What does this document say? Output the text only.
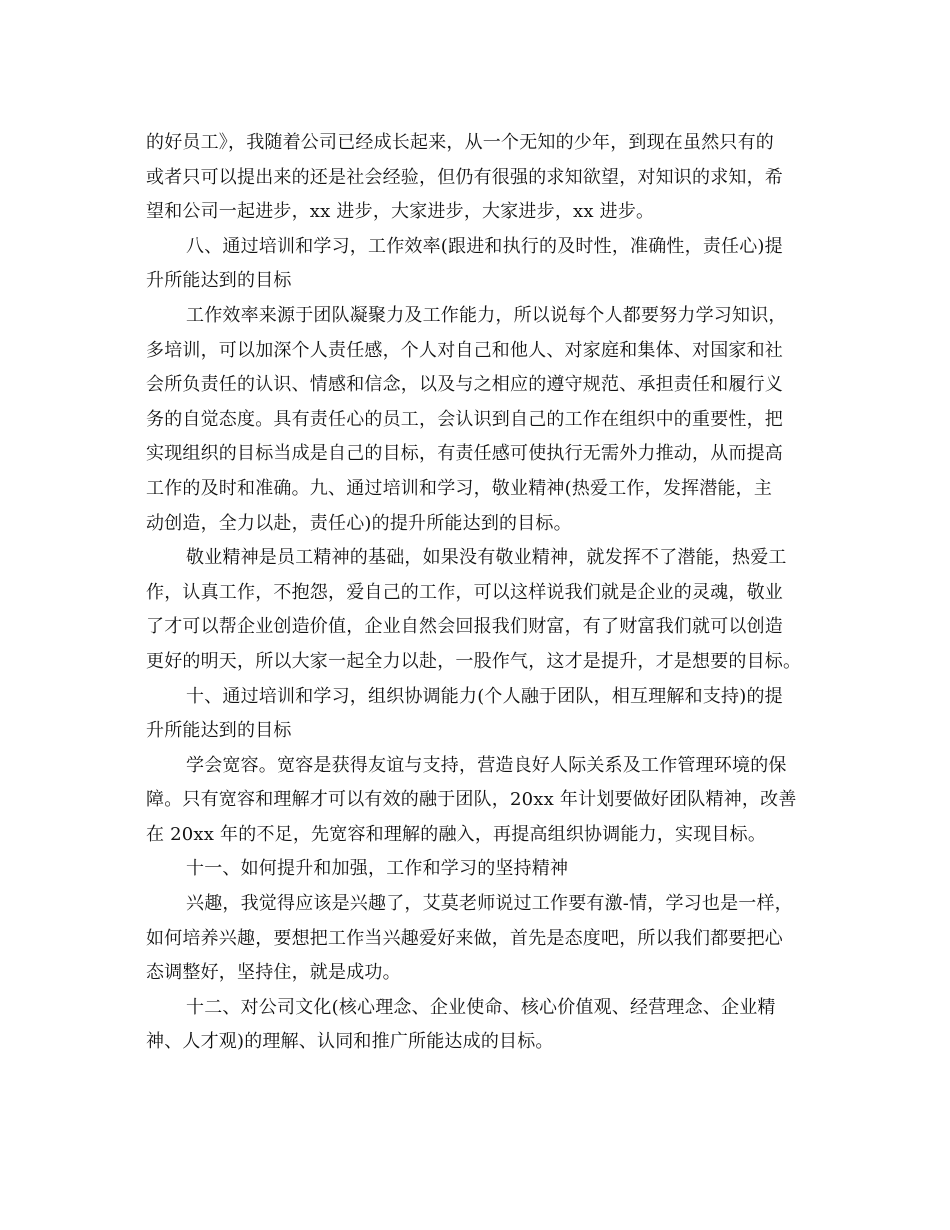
的好员工》，我随着公司已经成长起来，从一个无知的少年，到现在虽然只有的
或者只可以提出来的还是社会经验，但仍有很强的求知欲望，对知识的求知，希
望和公司一起进步，xx 进步，大家进步，大家进步，xx 进步。
八、通过培训和学习，工作效率(跟进和执行的及时性，准确性，责任心)提
升所能达到的目标
工作效率来源于团队凝聚力及工作能力，所以说每个人都要努力学习知识，
多培训，可以加深个人责任感，个人对自己和他人、对家庭和集体、对国家和社
会所负责任的认识、情感和信念，以及与之相应的遵守规范、承担责任和履行义
务的自觉态度。具有责任心的员工，会认识到自己的工作在组织中的重要性，把
实现组织的目标当成是自己的目标，有责任感可使执行无需外力推动，从而提高
工作的及时和准确。九、通过培训和学习，敬业精神(热爱工作，发挥潜能，主
动创造，全力以赴，责任心)的提升所能达到的目标。
敬业精神是员工精神的基础，如果没有敬业精神，就发挥不了潜能，热爱工
作，认真工作，不抱怨，爱自己的工作，可以这样说我们就是企业的灵魂，敬业
了才可以帮企业创造价值，企业自然会回报我们财富，有了财富我们就可以创造
更好的明天，所以大家一起全力以赴，一股作气，这才是提升，才是想要的目标。
十、通过培训和学习，组织协调能力(个人融于团队，相互理解和支持)的提
升所能达到的目标
学会宽容。宽容是获得友谊与支持，营造良好人际关系及工作管理环境的保
障。只有宽容和理解才可以有效的融于团队，20xx 年计划要做好团队精神，改善
在 20xx 年的不足，先宽容和理解的融入，再提高组织协调能力，实现目标。
十一、如何提升和加强，工作和学习的坚持精神
兴趣，我觉得应该是兴趣了，艾莫老师说过工作要有激-情，学习也是一样，
如何培养兴趣，要想把工作当兴趣爱好来做，首先是态度吧，所以我们都要把心
态调整好，坚持住，就是成功。
十二、对公司文化(核心理念、企业使命、核心价值观、经营理念、企业精
神、人才观)的理解、认同和推广所能达成的目标。
